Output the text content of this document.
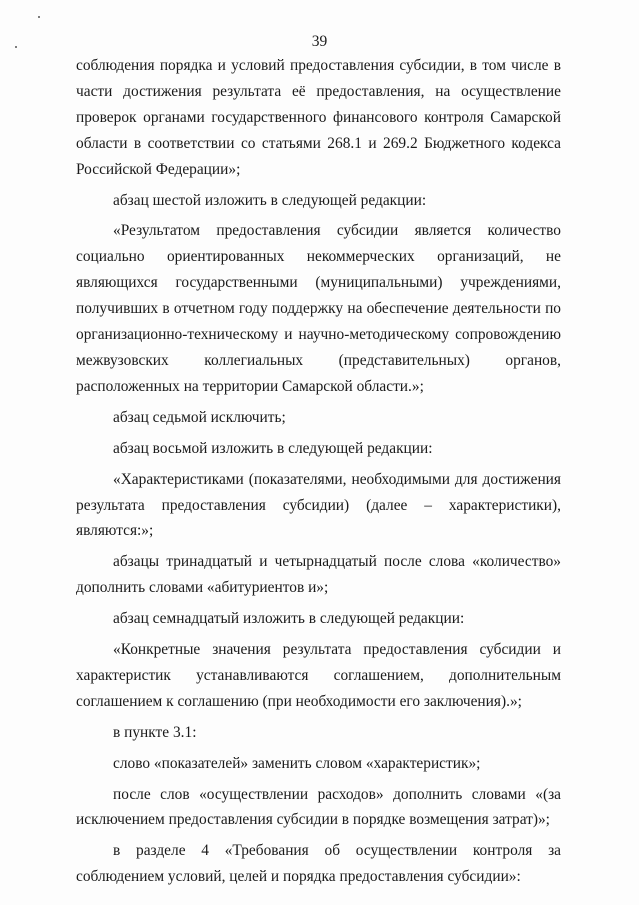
39

соблюдения порядка и условий предоставления субсидии, в том числе в части достижения результата её предоставления, на осуществление проверок органами государственного финансового контроля Самарской области в соответствии со статьями 268.1 и 269.2 Бюджетного кодекса Российской Федерации»;

абзац шестой изложить в следующей редакции:

«Результатом предоставления субсидии является количество социально ориентированных некоммерческих организаций, не являющихся государственными (муниципальными) учреждениями, получивших в отчетном году поддержку на обеспечение деятельности по организационно-техническому и научно-методическому сопровождению межвузовских коллегиальных (представительных) органов, расположенных на территории Самарской области.»;

абзац седьмой исключить;

абзац восьмой изложить в следующей редакции:

«Характеристиками (показателями, необходимыми для достижения результата предоставления субсидии) (далее – характеристики), являются:»;

абзацы тринадцатый и четырнадцатый после слова «количество» дополнить словами «абитуриентов и»;

абзац семнадцатый изложить в следующей редакции:

«Конкретные значения результата предоставления субсидии и характеристик устанавливаются соглашением, дополнительным соглашением к соглашению (при необходимости его заключения).»;

в пункте 3.1:

слово «показателей» заменить словом «характеристик»;

после слов «осуществлении расходов» дополнить словами «(за исключением предоставления субсидии в порядке возмещения затрат)»;

в разделе 4 «Требования об осуществлении контроля за соблюдением условий, целей и порядка предоставления субсидии»:
